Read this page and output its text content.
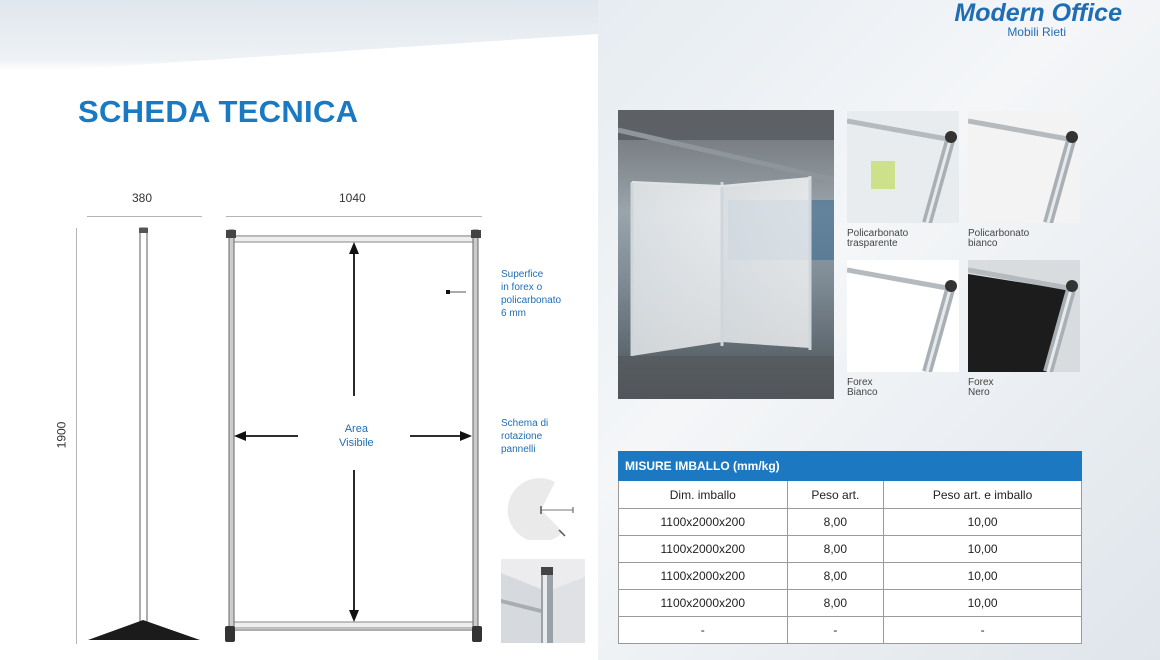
Modern Office
Mobili Rieti
SCHEDA TECNICA
380	1040
1900	Area
Visibile
Superfice
in forex o
policarbonato
6 mm
Schema di
rotazione
pannelli
Policarbonato
trasparente
Policarbonato
bianco
Forex
Bianco
Forex
Nero
MISURE IMBALLO (mm/kg)		
Dim. imballo	Peso art.	Peso art. e imballo
1100x2000x200	8,00	10,00
1100x2000x200	8,00	10,00
1100x2000x200	8,00	10,00
1100x2000x200	8,00	10,00
-	-	-
